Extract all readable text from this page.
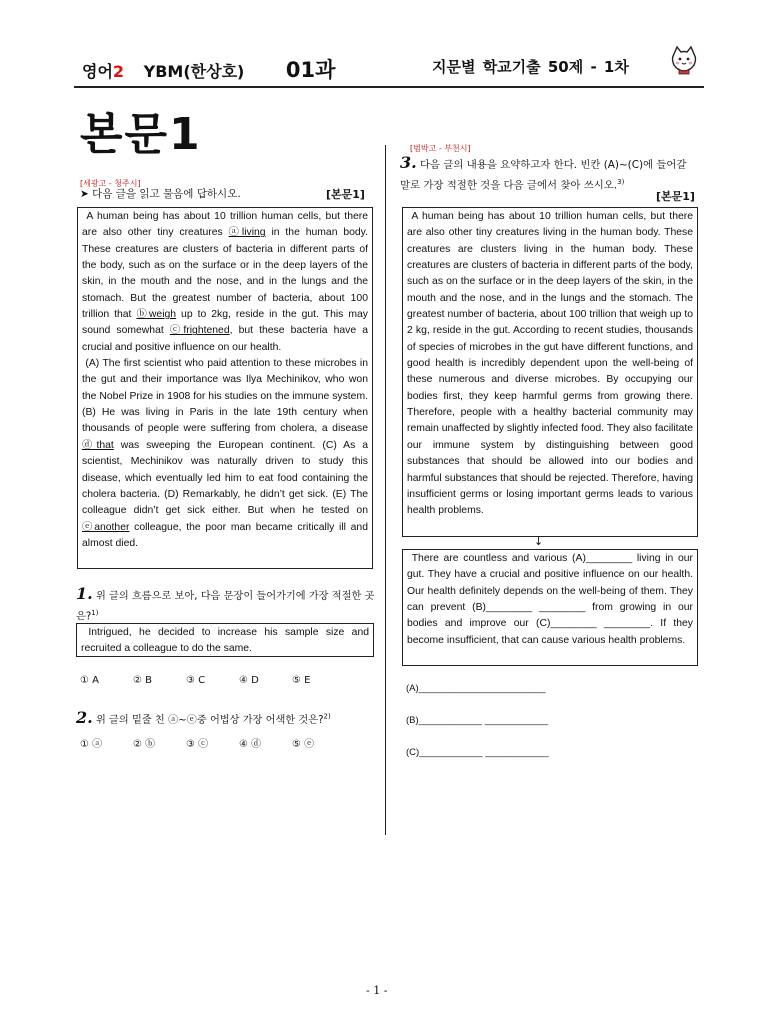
영어2 YBM(한상호) 01과	지문별 학교기출 50제 - 1차
본문1
[세광고 - 청주시]
➤ 다음 글을 읽고 물음에 답하시오.	[본문1]

A human being has about 10 trillion human cells, but there are also other tiny creatures ⓐliving in the human body. These creatures are clusters of bacteria in different parts of the body, such as on the surface or in the deep layers of the skin, in the mouth and the nose, and in the lungs and the stomach. But the greatest number of bacteria, about 100 trillion that ⓑweigh up to 2kg, reside in the gut. This may sound somewhat ⓒfrightened, but these bacteria have a crucial and positive influence on our health.

(A) The first scientist who paid attention to these microbes in the gut and their importance was Ilya Mechinikov, who won the Nobel Prize in 1908 for his studies on the immune system. (B) He was living in Paris in the late 19th century when thousands of people were suffering from cholera, a disease ⓓthat was sweeping the European continent. (C) As a scientist, Mechinikov was naturally driven to study this disease, which eventually led him to eat food containing the cholera bacteria. (D) Remarkably, he didn’t get sick. (E) The colleague didn’t get sick either. But when he tested on ⓔanother colleague, the poor man became critically ill and almost died.

1. 위 글의 흐름으로 보아, 다음 문장이 들어가기에 가장 적절한 곳은?$^{1)}$
Intrigued, he decided to increase his sample size and recruited a colleague to do the same.
① A	② B	③ C	④ D	⑤ E
2. 위 글의 밑줄 친 ⓐ~ⓔ중 어법상 가장 어색한 것은?$^{2)}$
① ⓐ	② ⓑ	③ ⓒ	④ ⓓ	⑤ ⓔ
[범박고 - 부천시]
3. 다음 글의 내용을 요약하고자 한다. 빈칸 (A)~(C)에 들어갈 말로 가장 적절한 것을 다음 글에서 찾아 쓰시오.$^{3)}$
[본문1]
A human being has about 10 trillion human cells, but there are also other tiny creatures living in the human body. These creatures are clusters living in the human body. These creatures are clusters of bacteria in different parts of the body, such as on the surface or in the deep layers of the skin, in the mouth and the nose, and in the lungs and the stomach. The greatest number of bacteria, about 100 trillion that weigh up to 2 kg, reside in the gut. According to recent studies, thousands of species of microbes in the gut have different functions, and good health is incredibly dependent upon the well-being of these numerous and diverse microbes. By occupying our bodies first, they keep harmful germs from growing there. Therefore, people with a healthy bacterial community may remain unaffected by slightly infected food. They also facilitate our immune system by distinguishing between good substances that should be allowed into our bodies and harmful substances that should be rejected. Therefore, having insufficient germs or losing important germs leads to various health problems.
↓
There are countless and various (A)________ living in our gut. They have a crucial and positive influence on our health. Our health definitely depends on the well-being of them. They can prevent (B)________ ________ from growing in our bodies and improve our (C)________ ________. If they become insufficient, that can cause various health problems.
(A)________________________
(B)____________ ____________
(C)____________ ____________
- 1 -
